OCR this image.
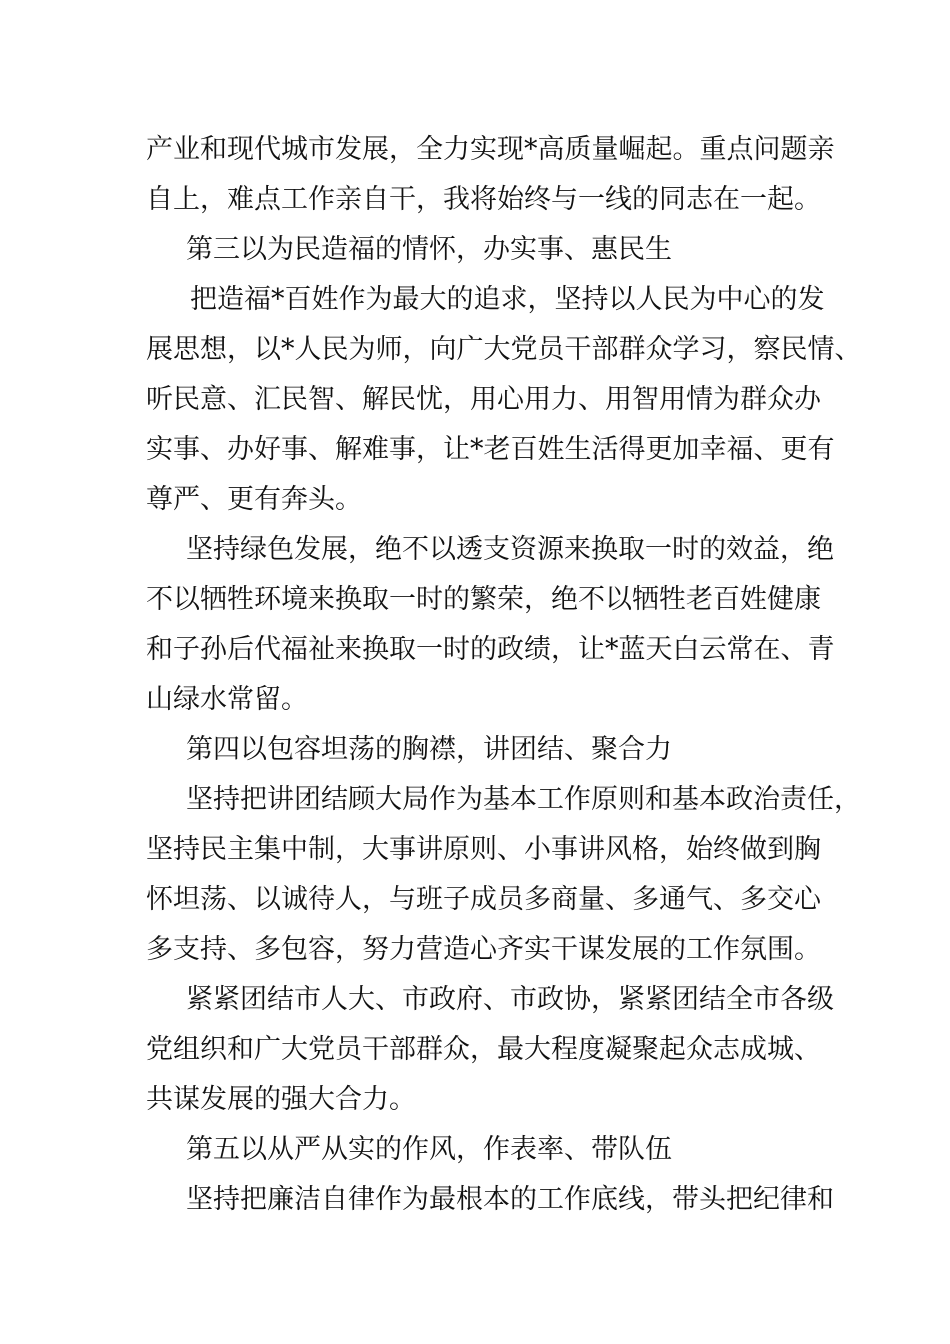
产业和现代城市发展，全力实现*高质量崛起。重点问题亲
自上，难点工作亲自干，我将始终与一线的同志在一起。
第三以为民造福的情怀，办实事、惠民生
把造福*百姓作为最大的追求，坚持以人民为中心的发
展思想，以*人民为师，向广大党员干部群众学习，察民情、
听民意、汇民智、解民忧，用心用力、用智用情为群众办
实事、办好事、解难事，让*老百姓生活得更加幸福、更有
尊严、更有奔头。
坚持绿色发展，绝不以透支资源来换取一时的效益，绝
不以牺牲环境来换取一时的繁荣，绝不以牺牲老百姓健康
和子孙后代福祉来换取一时的政绩，让*蓝天白云常在、青
山绿水常留。
第四以包容坦荡的胸襟，讲团结、聚合力
坚持把讲团结顾大局作为基本工作原则和基本政治责任，
坚持民主集中制，大事讲原则、小事讲风格，始终做到胸
怀坦荡、以诚待人，与班子成员多商量、多通气、多交心
多支持、多包容，努力营造心齐实干谋发展的工作氛围。
紧紧团结市人大、市政府、市政协，紧紧团结全市各级
党组织和广大党员干部群众，最大程度凝聚起众志成城、
共谋发展的强大合力。
第五以从严从实的作风，作表率、带队伍
坚持把廉洁自律作为最根本的工作底线，带头把纪律和
